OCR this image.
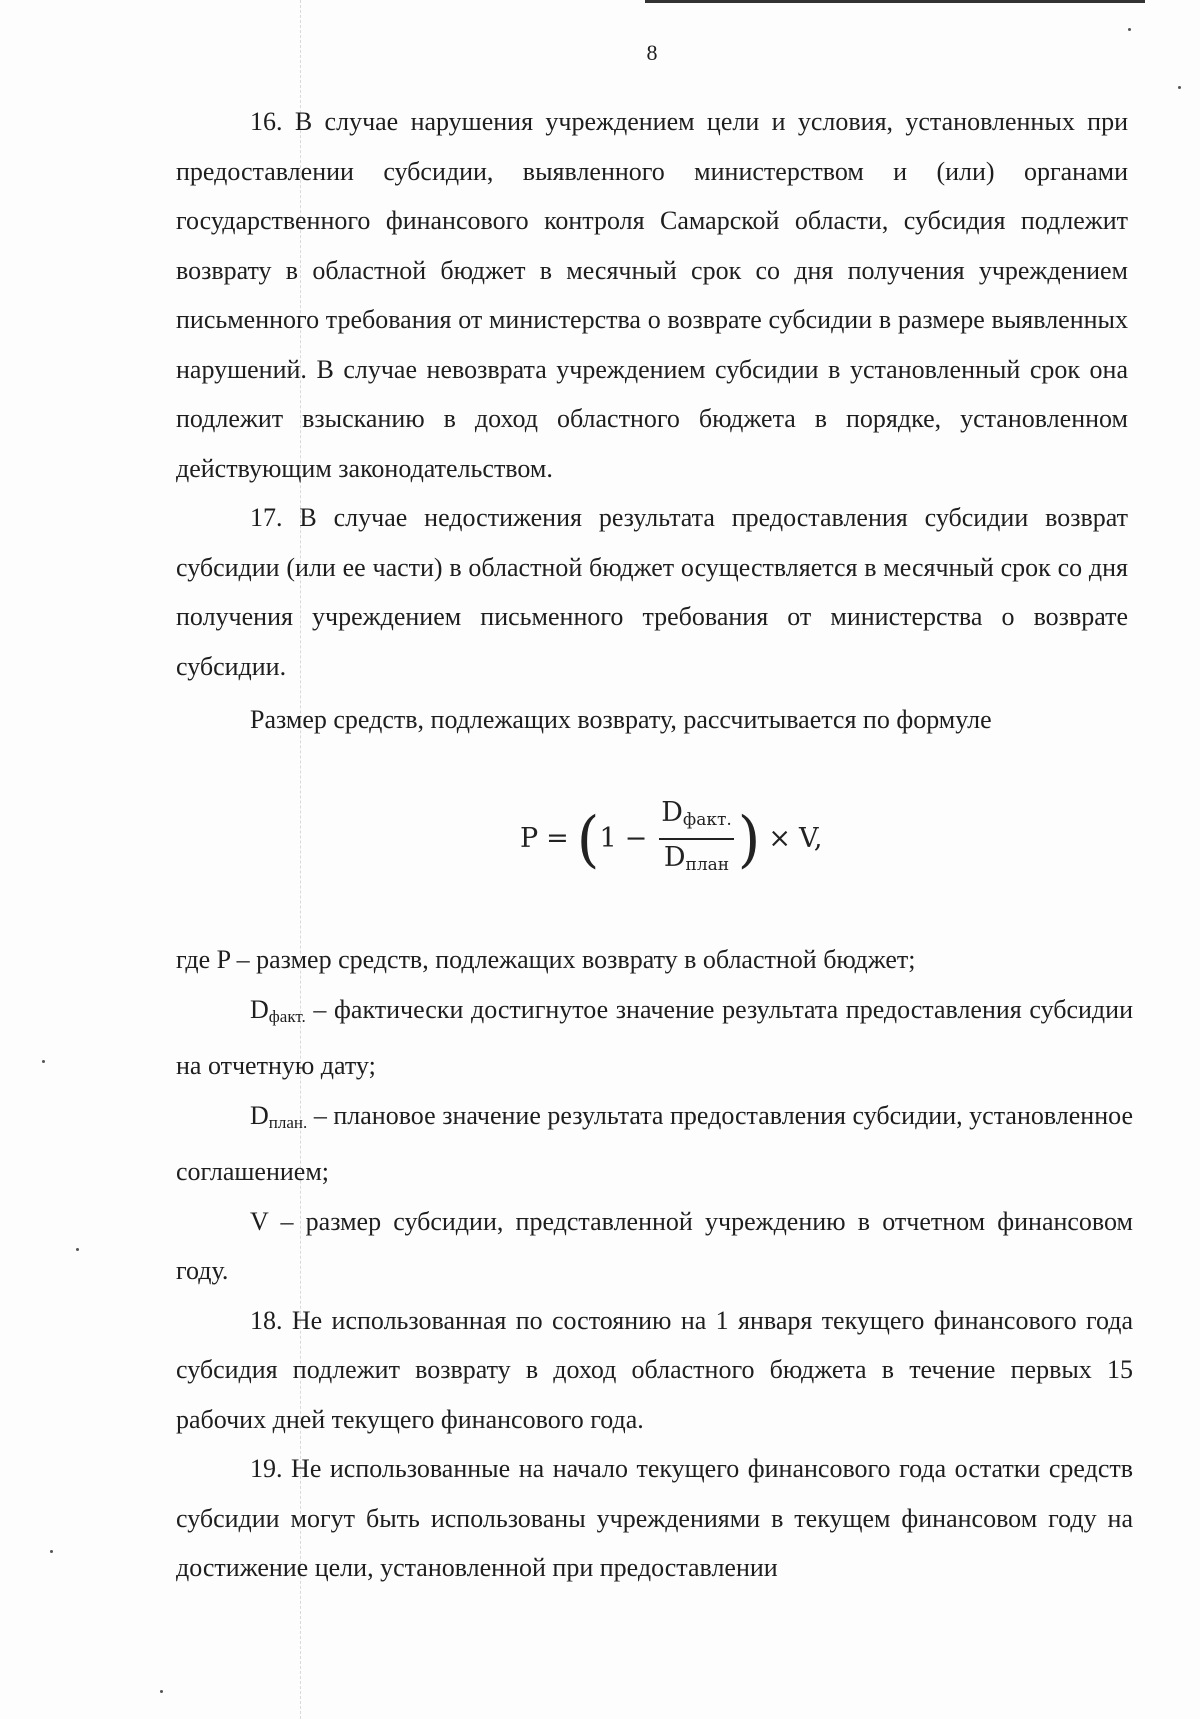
8

16. В случае нарушения учреждением цели и условия, установленных при предоставлении субсидии, выявленного министерством и (или) органами государственного финансового контроля Самарской области, субсидия подлежит возврату в областной бюджет в месячный срок со дня получения учреждением письменного требования от министерства о возврате субсидии в размере выявленных нарушений. В случае невозврата учреждением субсидии в установленный срок она подлежит взысканию в доход областного бюджета в порядке, установленном действующим законодательством.

17. В случае недостижения результата предоставления субсидии возврат субсидии (или ее части) в областной бюджет осуществляется в месячный срок со дня получения учреждением письменного требования от министерства о возврате субсидии.

Размер средств, подлежащих возврату, рассчитывается по формуле

P = ( $1 - \frac{D_{факт.}}{D_{план}}$ ) × V,

где P – размер средств, подлежащих возврату в областной бюджет;

$D_{факт.}$ – фактически достигнутое значение результата предоставления субсидии на отчетную дату;

$D_{план.}$ – плановое значение результата предоставления субсидии, установленное соглашением;

V – размер субсидии, представленной учреждению в отчетном финансовом году.

18. Не использованная по состоянию на 1 января текущего финансового года субсидия подлежит возврату в доход областного бюджета в течение первых 15 рабочих дней текущего финансового года.

19. Не использованные на начало текущего финансового года остатки средств субсидии могут быть использованы учреждениями в текущем финансовом году на достижение цели, установленной при предоставлении
